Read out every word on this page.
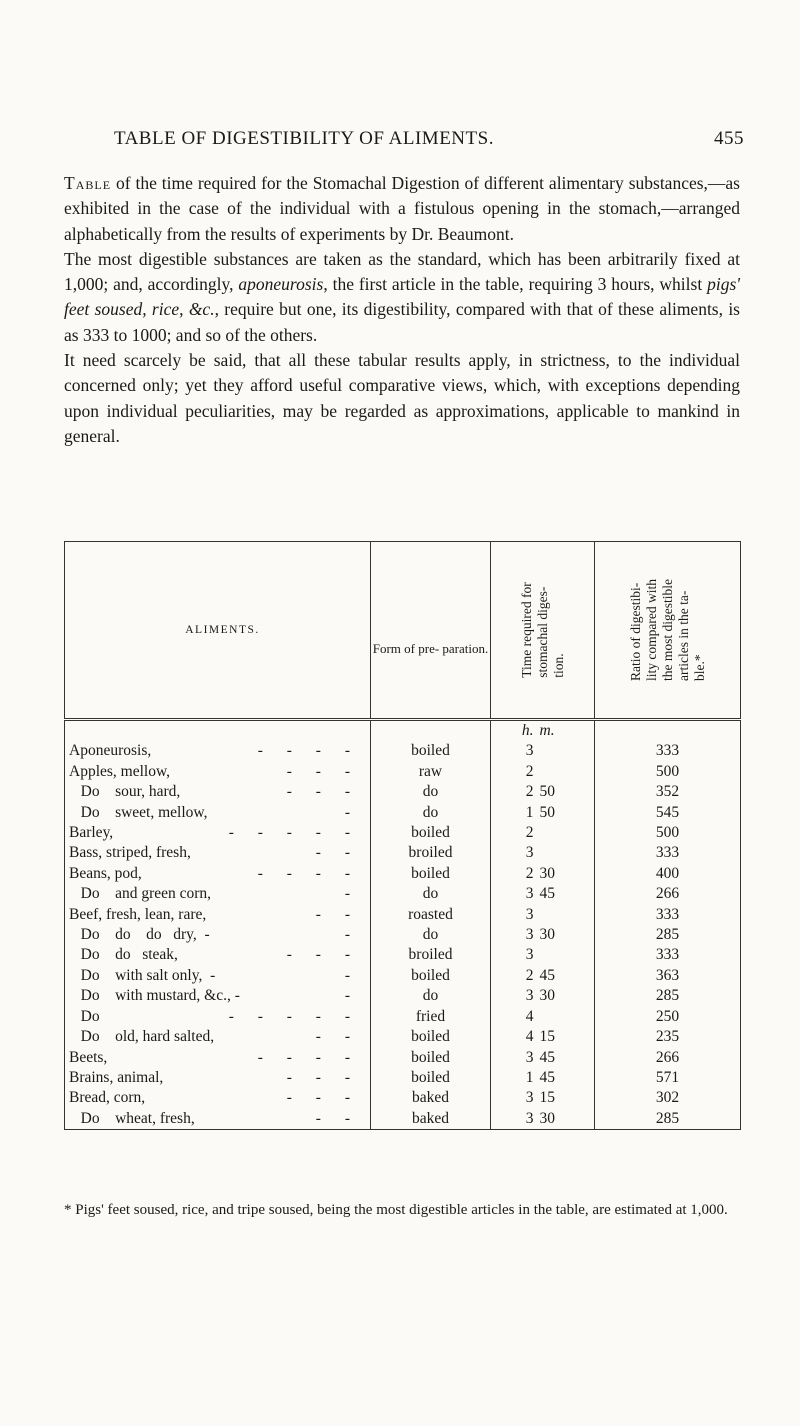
TABLE OF DIGESTIBILITY OF ALIMENTS.	455

Table of the time required for the Stomachal Digestion of different alimentary substances,—as exhibited in the case of the individual with a fistulous opening in the stomach,—arranged alphabetically from the results of experiments by Dr. Beaumont.

The most digestible substances are taken as the standard, which has been arbitrarily fixed at 1,000; and, accordingly, aponeurosis, the first article in the table, requiring 3 hours, whilst pigs' feet soused, rice, &c., require but one, its digestibility, compared with that of these aliments, is as 333 to 1000; and so of the others.

It need scarcely be said, that all these tabular results apply, in strictness, to the individual concerned only; yet they afford useful comparative views, which, with exceptions depending upon individual peculiarities, may be regarded as approximations, applicable to mankind in general.

ALIMENTS.	Form of pre- paration.	Time required for
stomachal diges-
tion.	Ratio of digestibi-
lity compared with
the most digestible
articles in the ta-
ble.*

		h. m.	
Aponeurosis, - - - -	boiled	3	333
Apples, mellow, - - -	raw	2	500
Do    sour, hard, - - -	do	2 50	352
Do    sweet, mellow, -	do	1 50	545
Barley, - - - - -	boiled	2	500
Bass, striped, fresh, - -	broiled	3	333
Beans, pod, - - - -	boiled	2 30	400
Do    and green corn, -	do	3 45	266
Beef, fresh, lean, rare, - -	roasted	3	333
Do    do    do   dry,  - -	do	3 30	285
Do    do   steak, - - -	broiled	3	333
Do    with salt only,  - -	boiled	2 45	363
Do    with mustard, &c., - -	do	3 30	285
Do - - - - -	fried	4	250
Do    old, hard salted, - -	boiled	4 15	235
Beets, - - - -	boiled	3 45	266
Brains, animal, - - -	boiled	1 45	571
Bread, corn, - - -	baked	3 15	302
Do    wheat, fresh, - -	baked	3 30	285
* Pigs' feet soused, rice, and tripe soused, being the most digestible articles in the table, are estimated at 1,000.
